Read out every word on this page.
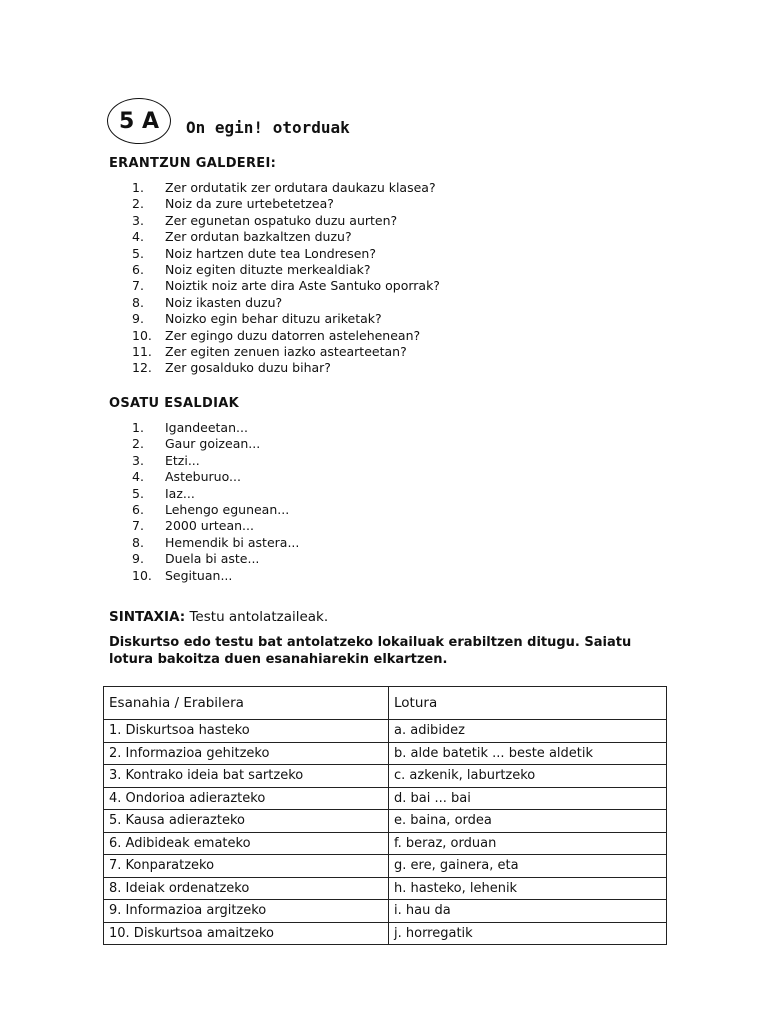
5 A	On egin! otorduak
ERANTZUN GALDEREI:
1. Zer ordutatik zer ordutara daukazu klasea?
2. Noiz da zure urtebetetzea?
3. Zer egunetan ospatuko duzu aurten?
4. Zer ordutan bazkaltzen duzu?
5. Noiz hartzen dute tea Londresen?
6. Noiz egiten dituzte merkealdiak?
7. Noiztik noiz arte dira Aste Santuko oporrak?
8. Noiz ikasten duzu?
9. Noizko egin behar dituzu ariketak?
10. Zer egingo duzu datorren astelehenean?
11. Zer egiten zenuen iazko astearteetan?
12. Zer gosalduko duzu bihar?
OSATU ESALDIAK
1. Igandeetan...
2. Gaur goizean...
3. Etzi...
4. Asteburuo...
5. Iaz...
6. Lehengo egunean...
7. 2000 urtean...
8. Hemendik bi astera...
9. Duela bi aste...
10. Segituan...
SINTAXIA: Testu antolatzaileak.
Diskurtso edo testu bat antolatzeko lokailuak erabiltzen ditugu. Saiatu lotura bakoitza duen esanahiarekin elkartzen.
Esanahia / Erabilera	Lotura
1. Diskurtsoa hasteko	a. adibidez
2. Informazioa gehitzeko	b. alde batetik ... beste aldetik
3. Kontrako ideia bat sartzeko	c. azkenik, laburtzeko
4. Ondorioa adierazteko	d. bai ... bai
5. Kausa adierazteko	e. baina, ordea
6. Adibideak emateko	f. beraz, orduan
7. Konparatzeko	g. ere, gainera, eta
8. Ideiak ordenatzeko	h. hasteko, lehenik
9. Informazioa argitzeko	i. hau da
10. Diskurtsoa amaitzeko	j. horregatik
